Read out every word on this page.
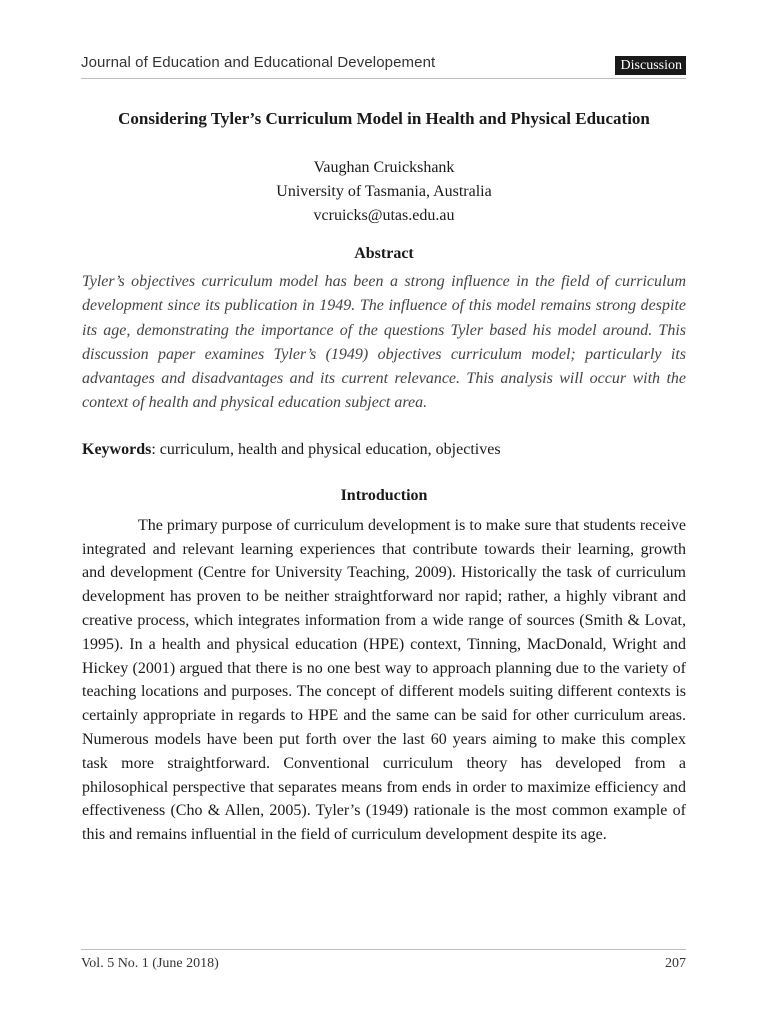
Journal of Education and Educational Developement	Discussion
Considering Tyler’s Curriculum Model in Health and Physical Education
Vaughan Cruickshank
University of Tasmania, Australia
vcruicks@utas.edu.au
Abstract
Tyler’s objectives curriculum model has been a strong influence in the field of curriculum development since its publication in 1949. The influence of this model remains strong despite its age, demonstrating the importance of the questions Tyler based his model around. This discussion paper examines Tyler’s (1949) objectives curriculum model; particularly its advantages and disadvantages and its current relevance. This analysis will occur with the context of health and physical education subject area.
Keywords: curriculum, health and physical education, objectives
Introduction
The primary purpose of curriculum development is to make sure that students receive integrated and relevant learning experiences that contribute towards their learning, growth and development (Centre for University Teaching, 2009). Historically the task of curriculum development has proven to be neither straightforward nor rapid; rather, a highly vibrant and creative process, which integrates information from a wide range of sources (Smith & Lovat, 1995). In a health and physical education (HPE) context, Tinning, MacDonald, Wright and Hickey (2001) argued that there is no one best way to approach planning due to the variety of teaching locations and purposes. The concept of different models suiting different contexts is certainly appropriate in regards to HPE and the same can be said for other curriculum areas. Numerous models have been put forth over the last 60 years aiming to make this complex task more straightforward. Conventional curriculum theory has developed from a philosophical perspective that separates means from ends in order to maximize efficiency and effectiveness (Cho & Allen, 2005). Tyler’s (1949) rationale is the most common example of this and remains influential in the field of curriculum development despite its age.
Vol. 5 No. 1 (June 2018)	207
